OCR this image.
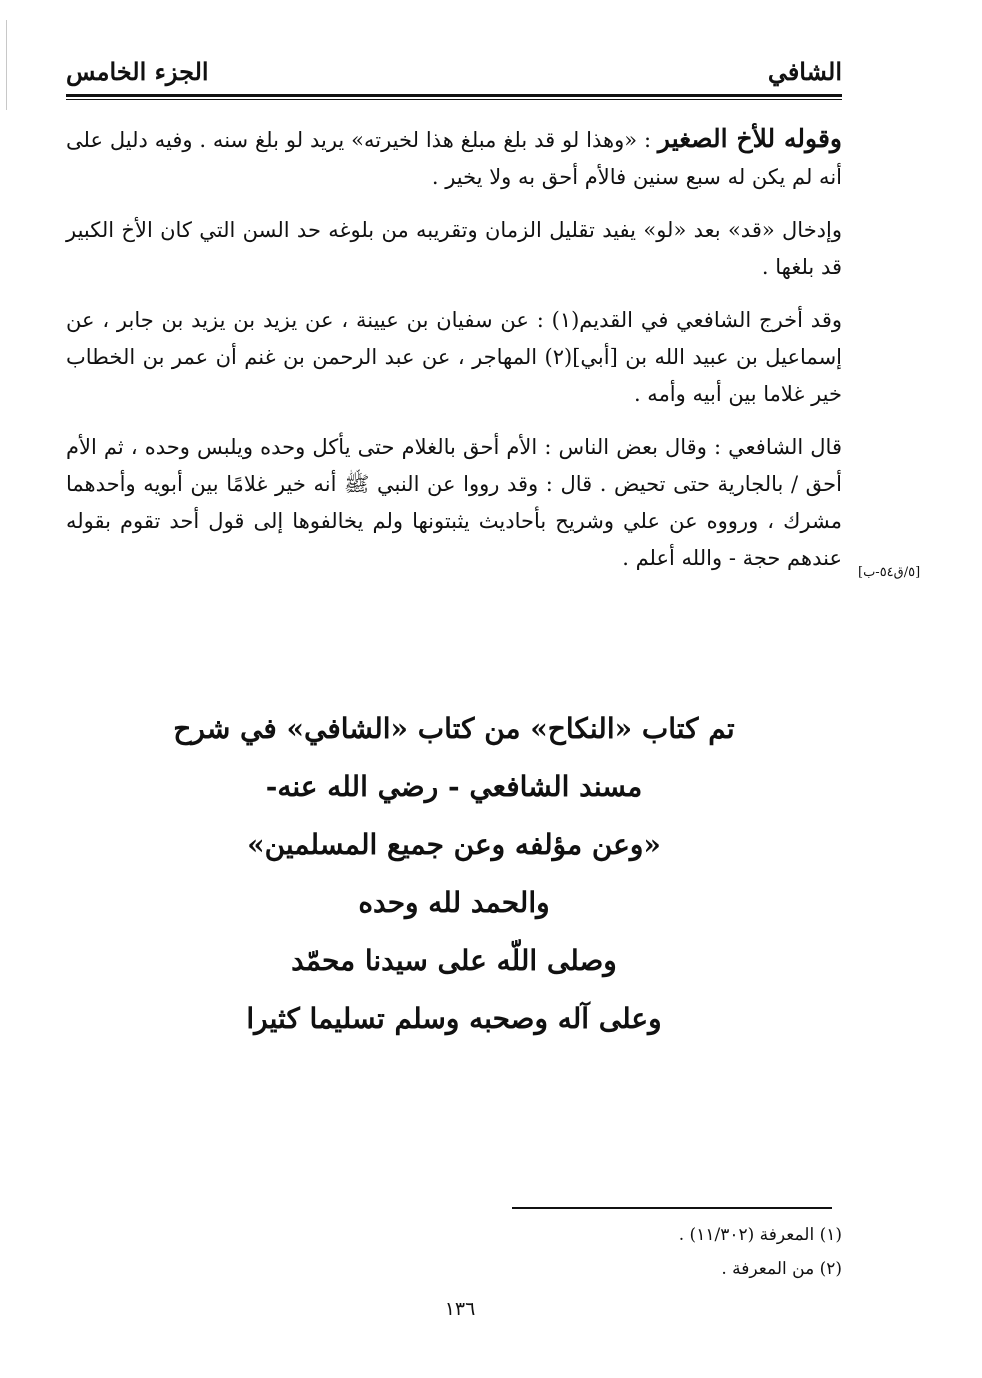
الشافي
الجزء الخامس

وقوله للأخ الصغير : «وهذا لو قد بلغ مبلغ هذا لخيرته» يريد لو بلغ سنه . وفيه دليل على أنه لم يكن له سبع سنين فالأم أحق به ولا يخير .

وإدخال «قد» بعد «لو» يفيد تقليل الزمان وتقريبه من بلوغه حد السن التي كان الأخ الكبير قد بلغها .

وقد أخرج الشافعي في القديم(١) : عن سفيان بن عيينة ، عن يزيد بن يزيد بن جابر ، عن إسماعيل بن عبيد الله بن [أبي](٢) المهاجر ، عن عبد الرحمن بن غنم أن عمر بن الخطاب خير غلاما بين أبيه وأمه .

قال الشافعي : وقال بعض الناس : الأم أحق بالغلام حتى يأكل وحده ويلبس وحده ، ثم الأم أحق / بالجارية حتى تحيض . قال : وقد رووا عن النبي ﷺ أنه خير غلامًا بين أبويه وأحدهما مشرك ، ورووه عن علي وشريح بأحاديث يثبتونها ولم يخالفوها إلى قول أحد تقوم بقوله عندهم حجة - والله أعلم .

[٥/ق٥٤-ب]
تم كتاب «النكاح» من كتاب «الشافي» في شرح
مسند الشافعي - رضي الله عنه-
«وعن مؤلفه وعن جميع المسلمين»
والحمد لله وحده
وصلى اللّه على سيدنا محمّد
وعلى آله وصحبه وسلم تسليما كثيرا
(١) المعرفة (١١/٣٠٢) .
(٢) من المعرفة .
١٣٦
